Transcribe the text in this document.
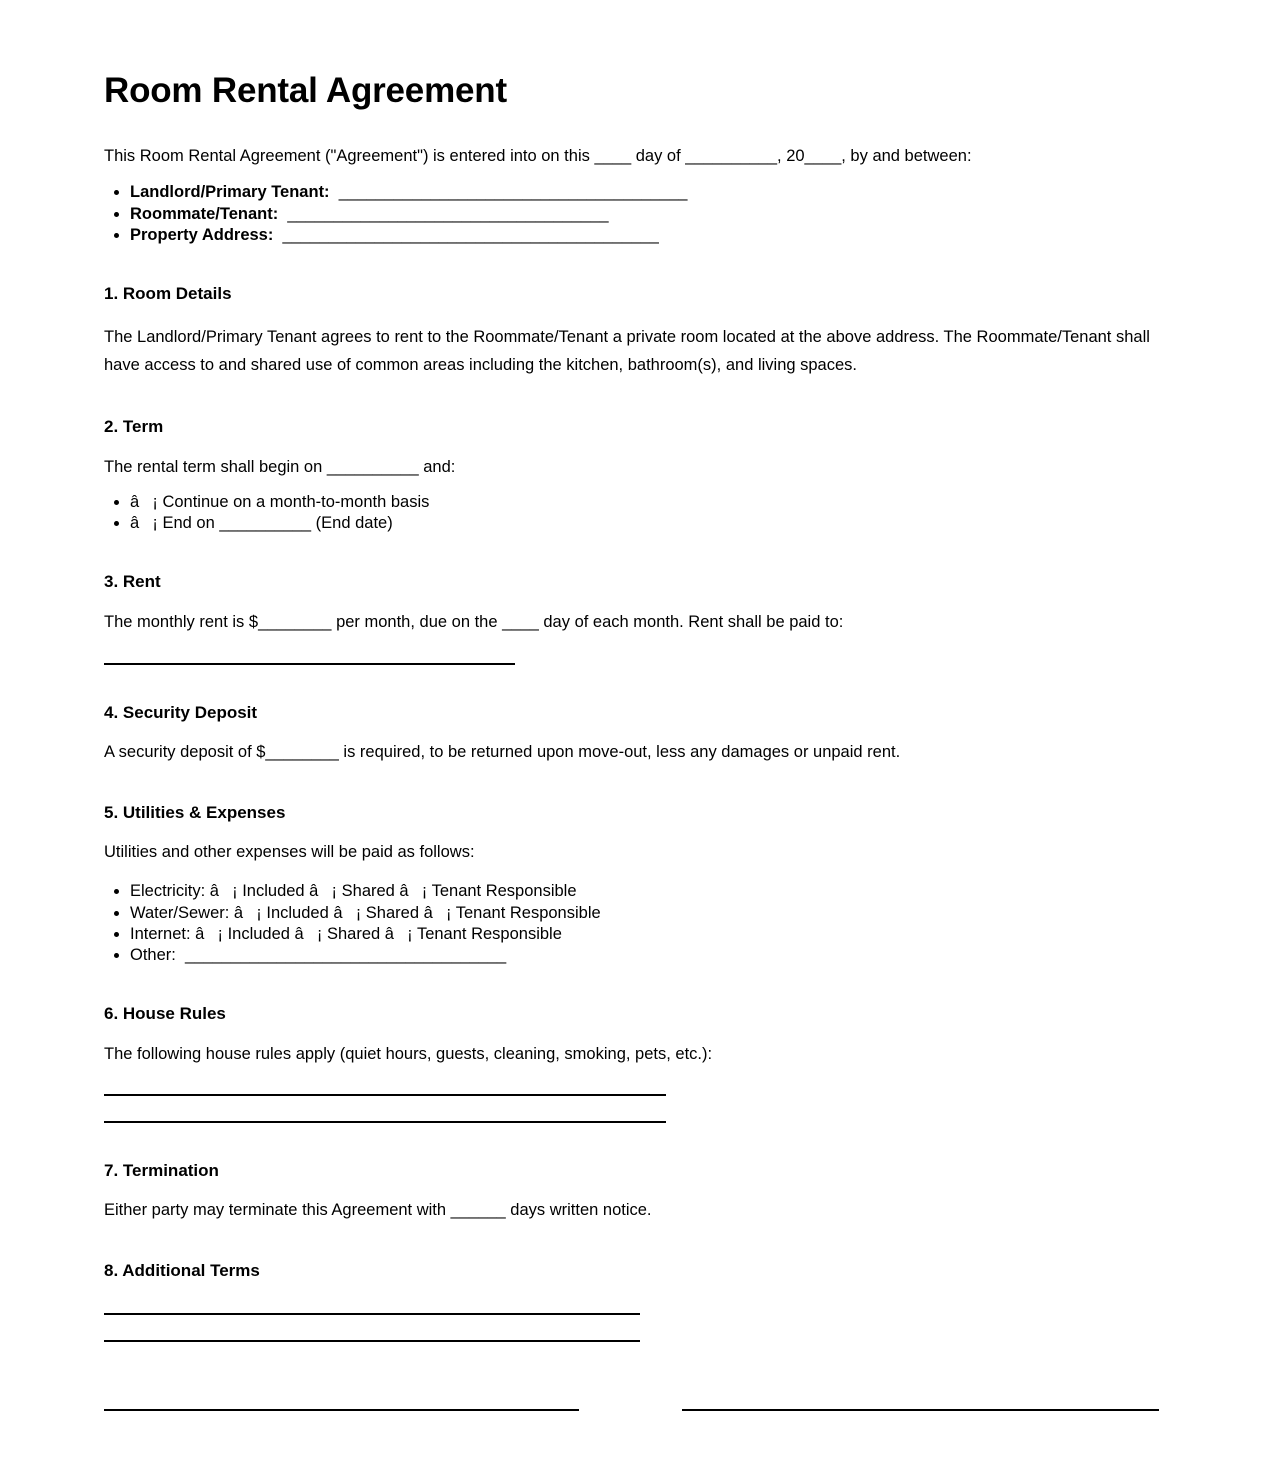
Room Rental Agreement

This Room Rental Agreement ("Agreement") is entered into on this ____ day of __________, 20____, by and between:

• Landlord/Primary Tenant:  ______________________________________
• Roommate/Tenant:  ___________________________________
• Property Address:  _________________________________________
1. Room Details

The Landlord/Primary Tenant agrees to rent to the Roommate/Tenant a private room located at the above address. The Roommate/Tenant shall have access to and shared use of common areas including the kitchen, bathroom(s), and living spaces.

2. Term

The rental term shall begin on __________ and:

• â¡ Continue on a month-to-month basis
• â¡ End on __________ (End date)
3. Rent

The monthly rent is $________ per month, due on the ____ day of each month. Rent shall be paid to:

4. Security Deposit

A security deposit of $________ is required, to be returned upon move-out, less any damages or unpaid rent.

5. Utilities & Expenses

Utilities and other expenses will be paid as follows:

• Electricity: â¡ Included â¡ Shared â¡ Tenant Responsible
• Water/Sewer: â¡ Included â¡ Shared â¡ Tenant Responsible
• Internet: â¡ Included â¡ Shared â¡ Tenant Responsible
• Other:  ___________________________________
6. House Rules

The following house rules apply (quiet hours, guests, cleaning, smoking, pets, etc.):

7. Termination

Either party may terminate this Agreement with ______ days written notice.

8. Additional Terms
